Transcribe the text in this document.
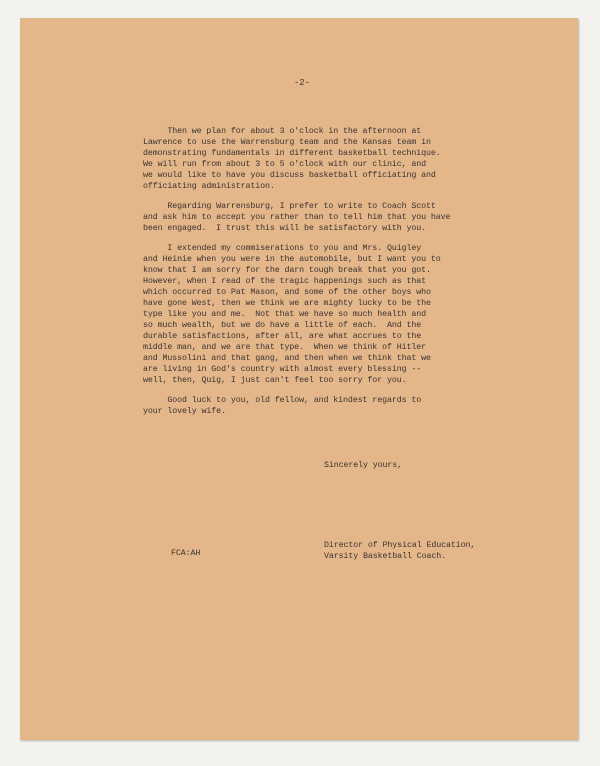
-2-
Then we plan for about 3 o'clock in the afternoon at
Lawrence to use the Warrensburg team and the Kansas team in
demonstrating fundamentals in different basketball technique.
We will run from about 3 to 5 o'clock with our clinic, and
we would like to have you discuss basketball officiating and
officiating administration.
Regarding Warrensburg, I prefer to write to Coach Scott
and ask him to accept you rather than to tell him that you have
been engaged.  I trust this will be satisfactory with you.
I extended my commiserations to you and Mrs. Quigley
and Heinie when you were in the automobile, but I want you to
know that I am sorry for the darn tough break that you got.
However, when I read of the tragic happenings such as that
which occurred to Pat Mason, and some of the other boys who
have gone West, then we think we are mighty lucky to be the
type like you and me.  Not that we have so much health and
so much wealth, but we do have a little of each.  And the
durable satisfactions, after all, are what accrues to the
middle man, and we are that type.  When we think of Hitler
and Mussolini and that gang, and then when we think that we
are living in God's country with almost every blessing --
well, then, Quig, I just can't feel too sorry for you.
Good luck to you, old fellow, and kindest regards to
your lovely wife.
Sincerely yours,
FCA:AH
Director of Physical Education,
Varsity Basketball Coach.
